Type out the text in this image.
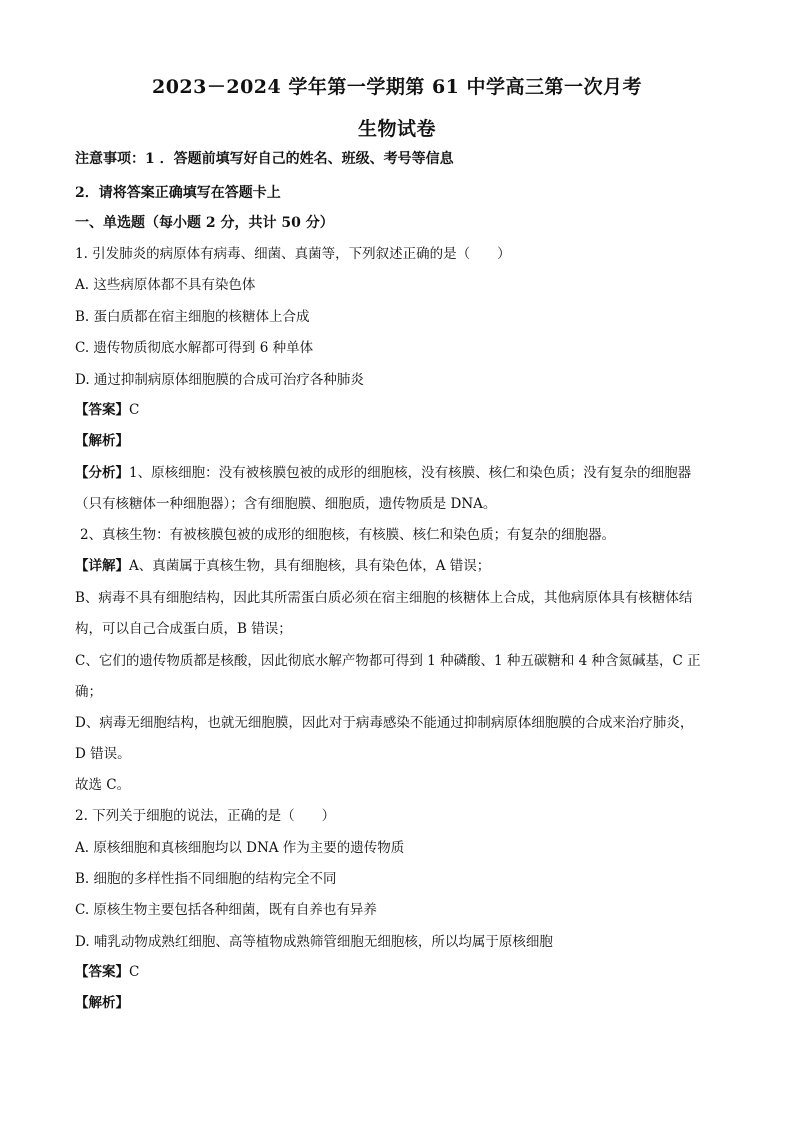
2023－2024 学年第一学期第 61 中学高三第一次月考
生物试卷
注意事项：1 ．答题前填写好自己的姓名、班级、考号等信息
2．请将答案正确填写在答题卡上
一、单选题（每小题 2 分，共计 50 分）
1. 引发肺炎的病原体有病毒、细菌、真菌等，下列叙述正确的是（　　）
A. 这些病原体都不具有染色体
B. 蛋白质都在宿主细胞的核糖体上合成
C. 遗传物质彻底水解都可得到 6 种单体
D. 通过抑制病原体细胞膜的合成可治疗各种肺炎
【答案】C
【解析】
【分析】1、原核细胞：没有被核膜包被的成形的细胞核，没有核膜、核仁和染色质；没有复杂的细胞器
（只有核糖体一种细胞器）；含有细胞膜、细胞质，遗传物质是 DNA。
2、真核生物：有被核膜包被的成形的细胞核，有核膜、核仁和染色质；有复杂的细胞器。
【详解】A、真菌属于真核生物，具有细胞核，具有染色体，A 错误；
B、病毒不具有细胞结构，因此其所需蛋白质必须在宿主细胞的核糖体上合成，其他病原体具有核糖体结
构，可以自己合成蛋白质，B 错误；
C、它们的遗传物质都是核酸，因此彻底水解产物都可得到 1 种磷酸、1 种五碳糖和 4 种含氮碱基，C 正
确；
D、病毒无细胞结构，也就无细胞膜，因此对于病毒感染不能通过抑制病原体细胞膜的合成来治疗肺炎，
D 错误。
故选 C。
2. 下列关于细胞的说法，正确的是（　　）
A. 原核细胞和真核细胞均以 DNA 作为主要的遗传物质
B. 细胞的多样性指不同细胞的结构完全不同
C. 原核生物主要包括各种细菌，既有自养也有异养
D. 哺乳动物成熟红细胞、高等植物成熟筛管细胞无细胞核，所以均属于原核细胞
【答案】C
【解析】
